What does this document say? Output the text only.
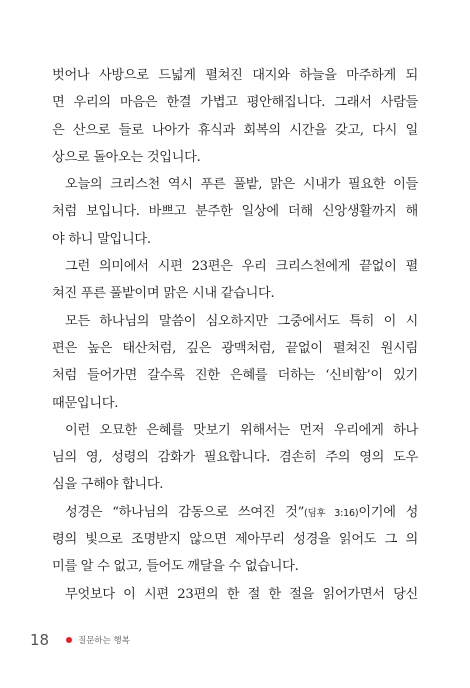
벗어나 사방으로 드넓게 펼쳐진 대지와 하늘을 마주하게 되
면 우리의 마음은 한결 가볍고 평안해집니다. 그래서 사람들
은 산으로 들로 나아가 휴식과 회복의 시간을 갖고, 다시 일
상으로 돌아오는 것입니다.
오늘의 크리스천 역시 푸른 풀밭, 맑은 시내가 필요한 이들
처럼 보입니다. 바쁘고 분주한 일상에 더해 신앙생활까지 해
야 하니 말입니다.
그런 의미에서 시편 23편은 우리 크리스천에게 끝없이 펼
쳐진 푸른 풀밭이며 맑은 시내 같습니다.
모든 하나님의 말씀이 심오하지만 그중에서도 특히 이 시
편은 높은 태산처럼, 깊은 광맥처럼, 끝없이 펼쳐진 원시림
처럼 들어가면 갈수록 진한 은혜를 더하는 ‘신비함’이 있기
때문입니다.
이런 오묘한 은혜를 맛보기 위해서는 먼저 우리에게 하나
님의 영, 성령의 감화가 필요합니다. 겸손히 주의 영의 도우
심을 구해야 합니다.
성경은 “하나님의 감동으로 쓰여진 것”(딤후 3:16)이기에 성
령의 빛으로 조명받지 않으면 제아무리 성경을 읽어도 그 의
미를 알 수 없고, 들어도 깨달을 수 없습니다.
무엇보다 이 시편 23편의 한 절 한 절을 읽어가면서 당신
18	질문하는 행복
